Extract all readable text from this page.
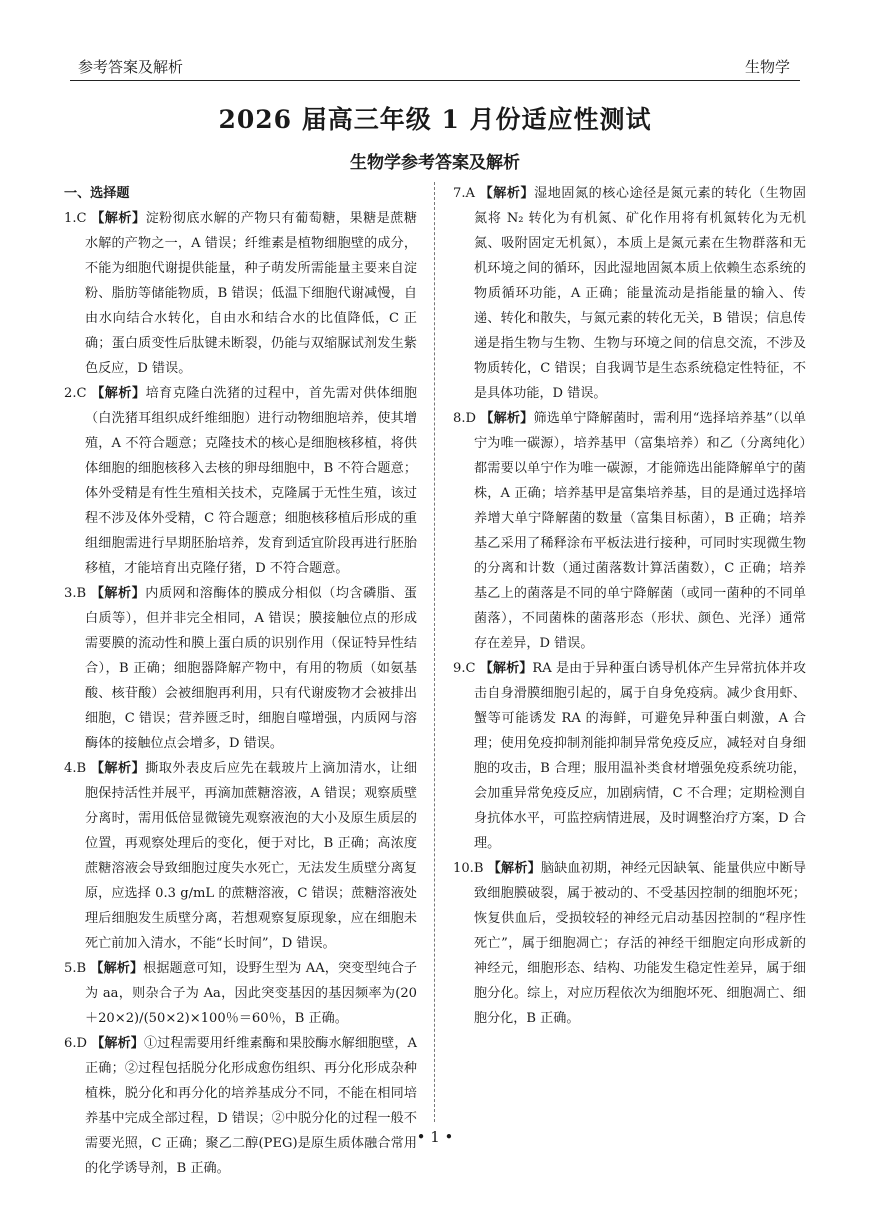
参考答案及解析	生物学
2026 届高三年级 1 月份适应性测试
生物学参考答案及解析
一、选择题
1.C 【解析】淀粉彻底水解的产物只有葡萄糖，果糖是蔗糖水解的产物之一，A 错误；纤维素是植物细胞壁的成分，不能为细胞代谢提供能量，种子萌发所需能量主要来自淀粉、脂肪等储能物质，B 错误；低温下细胞代谢减慢，自由水向结合水转化，自由水和结合水的比值降低，C 正确；蛋白质变性后肽键未断裂，仍能与双缩脲试剂发生紫色反应，D 错误。
2.C 【解析】培育克隆白洗猪的过程中，首先需对供体细胞（白洗猪耳组织成纤维细胞）进行动物细胞培养，使其增殖，A 不符合题意；克隆技术的核心是细胞核移植，将供体细胞的细胞核移入去核的卵母细胞中，B 不符合题意；体外受精是有性生殖相关技术，克隆属于无性生殖，该过程不涉及体外受精，C 符合题意；细胞核移植后形成的重组细胞需进行早期胚胎培养，发育到适宜阶段再进行胚胎移植，才能培育出克隆仔猪，D 不符合题意。
3.B 【解析】内质网和溶酶体的膜成分相似（均含磷脂、蛋白质等），但并非完全相同，A 错误；膜接触位点的形成需要膜的流动性和膜上蛋白质的识别作用（保证特异性结合），B 正确；细胞器降解产物中，有用的物质（如氨基酸、核苷酸）会被细胞再利用，只有代谢废物才会被排出细胞，C 错误；营养匮乏时，细胞自噬增强，内质网与溶酶体的接触位点会增多，D 错误。
4.B 【解析】撕取外表皮后应先在载玻片上滴加清水，让细胞保持活性并展平，再滴加蔗糖溶液，A 错误；观察质壁分离时，需用低倍显微镜先观察液泡的大小及原生质层的位置，再观察处理后的变化，便于对比，B 正确；高浓度蔗糖溶液会导致细胞过度失水死亡，无法发生质壁分离复原，应选择 0.3 g/mL 的蔗糖溶液，C 错误；蔗糖溶液处理后细胞发生质壁分离，若想观察复原现象，应在细胞未死亡前加入清水，不能“长时间”，D 错误。
5.B 【解析】根据题意可知，设野生型为 AA，突变型纯合子为 aa，则杂合子为 Aa，因此突变基因的基因频率为(20＋20×2)/(50×2)×100％＝60％，B 正确。
6.D 【解析】①过程需要用纤维素酶和果胶酶水解细胞壁，A 正确；②过程包括脱分化形成愈伤组织、再分化形成杂种植株，脱分化和再分化的培养基成分不同，不能在相同培养基中完成全部过程，D 错误；②中脱分化的过程一般不需要光照，C 正确；聚乙二醇(PEG)是原生质体融合常用的化学诱导剂，B 正确。
7.A 【解析】湿地固氮的核心途径是氮元素的转化（生物固氮将 N₂ 转化为有机氮、矿化作用将有机氮转化为无机氮、吸附固定无机氮），本质上是氮元素在生物群落和无机环境之间的循环，因此湿地固氮本质上依赖生态系统的物质循环功能，A 正确；能量流动是指能量的输入、传递、转化和散失，与氮元素的转化无关，B 错误；信息传递是指生物与生物、生物与环境之间的信息交流，不涉及物质转化，C 错误；自我调节是生态系统稳定性特征，不是具体功能，D 错误。
8.D 【解析】筛选单宁降解菌时，需利用“选择培养基”（以单宁为唯一碳源），培养基甲（富集培养）和乙（分离纯化）都需要以单宁作为唯一碳源，才能筛选出能降解单宁的菌株，A 正确；培养基甲是富集培养基，目的是通过选择培养增大单宁降解菌的数量（富集目标菌），B 正确；培养基乙采用了稀释涂布平板法进行接种，可同时实现微生物的分离和计数（通过菌落数计算活菌数），C 正确；培养基乙上的菌落是不同的单宁降解菌（或同一菌种的不同单菌落），不同菌株的菌落形态（形状、颜色、光泽）通常存在差异，D 错误。
9.C 【解析】RA 是由于异种蛋白诱导机体产生异常抗体并攻击自身滑膜细胞引起的，属于自身免疫病。减少食用虾、蟹等可能诱发 RA 的海鲜，可避免异种蛋白刺激，A 合理；使用免疫抑制剂能抑制异常免疫反应，减轻对自身细胞的攻击，B 合理；服用温补类食材增强免疫系统功能，会加重异常免疫反应，加剧病情，C 不合理；定期检测自身抗体水平，可监控病情进展，及时调整治疗方案，D 合理。
10.B 【解析】脑缺血初期，神经元因缺氧、能量供应中断导致细胞膜破裂，属于被动的、不受基因控制的细胞坏死；恢复供血后，受损较轻的神经元启动基因控制的“程序性死亡”，属于细胞凋亡；存活的神经干细胞定向形成新的神经元，细胞形态、结构、功能发生稳定性差异，属于细胞分化。综上，对应历程依次为细胞坏死、细胞凋亡、细胞分化，B 正确。
• 1 •
